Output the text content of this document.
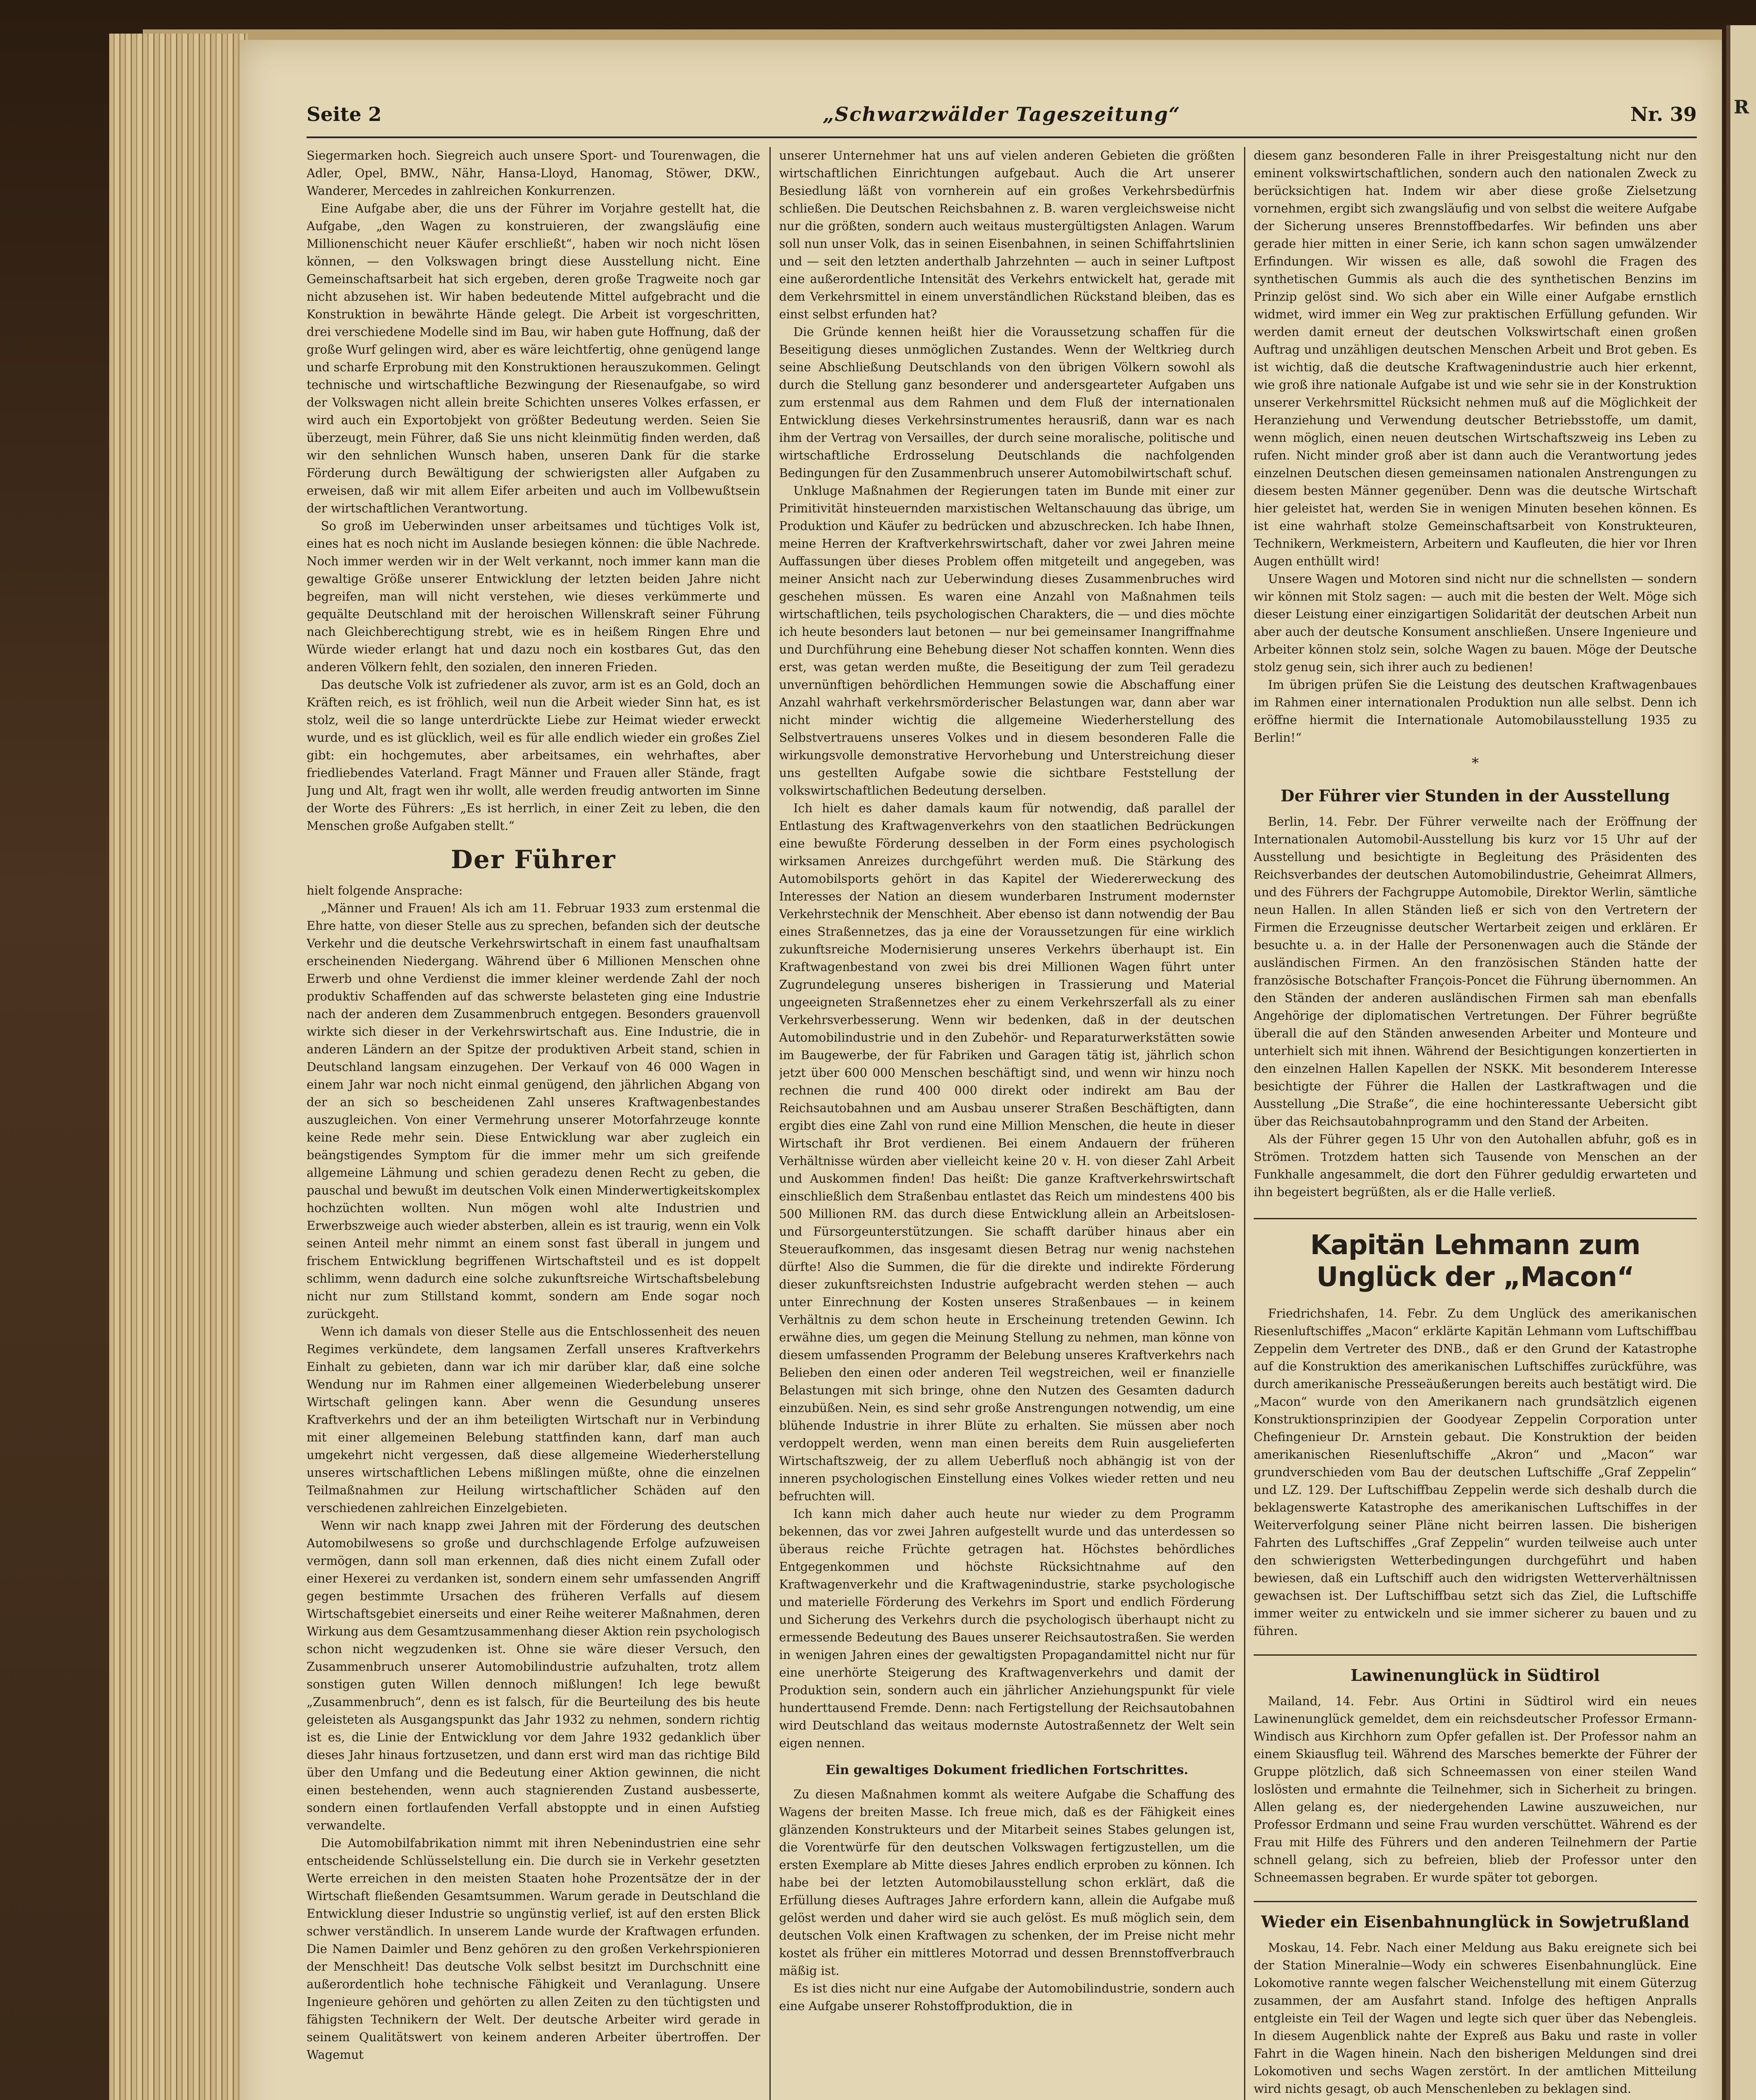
R
„Schwarzwälder Tageszeitung“
Seite 2	Nr. 39

Siegermarken hoch. Siegreich auch unsere Sport- und Tourenwagen, die Adler, Opel, BMW., Nähr, Hansa-Lloyd, Hanomag, Stöwer, DKW., Wanderer, Mercedes in zahlreichen Konkurrenzen.

Eine Aufgabe aber, die uns der Führer im Vorjahre gestellt hat, die Aufgabe, „den Wagen zu konstruieren, der zwangsläufig eine Millionenschicht neuer Käufer erschließt“, haben wir noch nicht lösen können, — den Volkswagen bringt diese Ausstellung nicht. Eine Gemeinschaftsarbeit hat sich ergeben, deren große Tragweite noch gar nicht abzusehen ist. Wir haben bedeutende Mittel aufgebracht und die Konstruktion in bewährte Hände gelegt. Die Arbeit ist vorgeschritten, drei verschiedene Modelle sind im Bau, wir haben gute Hoffnung, daß der große Wurf gelingen wird, aber es wäre leichtfertig, ohne genügend lange und scharfe Erprobung mit den Konstruktionen herauszukommen. Gelingt technische und wirtschaftliche Bezwingung der Riesenaufgabe, so wird der Volkswagen nicht allein breite Schichten unseres Volkes erfassen, er wird auch ein Exportobjekt von größter Bedeutung werden. Seien Sie überzeugt, mein Führer, daß Sie uns nicht kleinmütig finden werden, daß wir den sehnlichen Wunsch haben, unseren Dank für die starke Förderung durch Bewältigung der schwierigsten aller Aufgaben zu erweisen, daß wir mit allem Eifer arbeiten und auch im Vollbewußtsein der wirtschaftlichen Verantwortung.

So groß im Ueberwinden unser arbeitsames und tüchtiges Volk ist, eines hat es noch nicht im Auslande besiegen können: die üble Nachrede. Noch immer werden wir in der Welt verkannt, noch immer kann man die gewaltige Größe unserer Entwicklung der letzten beiden Jahre nicht begreifen, man will nicht verstehen, wie dieses verkümmerte und gequälte Deutschland mit der heroischen Willenskraft seiner Führung nach Gleichberechtigung strebt, wie es in heißem Ringen Ehre und Würde wieder erlangt hat und dazu noch ein kostbares Gut, das den anderen Völkern fehlt, den sozialen, den inneren Frieden.

Das deutsche Volk ist zufriedener als zuvor, arm ist es an Gold, doch an Kräften reich, es ist fröhlich, weil nun die Arbeit wieder Sinn hat, es ist stolz, weil die so lange unterdrückte Liebe zur Heimat wieder erweckt wurde, und es ist glücklich, weil es für alle endlich wieder ein großes Ziel gibt: ein hochgemutes, aber arbeitsames, ein wehrhaftes, aber friedliebendes Vaterland. Fragt Männer und Frauen aller Stände, fragt Jung und Alt, fragt wen ihr wollt, alle werden freudig antworten im Sinne der Worte des Führers: „Es ist herrlich, in einer Zeit zu leben, die den Menschen große Aufgaben stellt.“

Der Führer

hielt folgende Ansprache:

„Männer und Frauen! Als ich am 11. Februar 1933 zum erstenmal die Ehre hatte, von dieser Stelle aus zu sprechen, befanden sich der deutsche Verkehr und die deutsche Verkehrswirtschaft in einem fast unaufhaltsam erscheinenden Niedergang. Während über 6 Millionen Menschen ohne Erwerb und ohne Verdienst die immer kleiner werdende Zahl der noch produktiv Schaffenden auf das schwerste belasteten ging eine Industrie nach der anderen dem Zusammenbruch entgegen. Besonders grauenvoll wirkte sich dieser in der Verkehrswirtschaft aus. Eine Industrie, die in anderen Ländern an der Spitze der produktiven Arbeit stand, schien in Deutschland langsam einzugehen. Der Verkauf von 46 000 Wagen in einem Jahr war noch nicht einmal genügend, den jährlichen Abgang von der an sich so bescheidenen Zahl unseres Kraftwagenbestandes auszugleichen. Von einer Vermehrung unserer Motorfahrzeuge konnte keine Rede mehr sein. Diese Entwicklung war aber zugleich ein beängstigendes Symptom für die immer mehr um sich greifende allgemeine Lähmung und schien geradezu denen Recht zu geben, die pauschal und bewußt im deutschen Volk einen Minderwertigkeitskomplex hochzüchten wollten. Nun mögen wohl alte Industrien und Erwerbszweige auch wieder absterben, allein es ist traurig, wenn ein Volk seinen Anteil mehr nimmt an einem sonst fast überall in jungem und frischem Entwicklung begriffenen Wirtschaftsteil und es ist doppelt schlimm, wenn dadurch eine solche zukunftsreiche Wirtschaftsbelebung nicht nur zum Stillstand kommt, sondern am Ende sogar noch zurückgeht.

Wenn ich damals von dieser Stelle aus die Entschlossenheit des neuen Regimes verkündete, dem langsamen Zerfall unseres Kraftverkehrs Einhalt zu gebieten, dann war ich mir darüber klar, daß eine solche Wendung nur im Rahmen einer allgemeinen Wiederbelebung unserer Wirtschaft gelingen kann. Aber wenn die Gesundung unseres Kraftverkehrs und der an ihm beteiligten Wirtschaft nur in Verbindung mit einer allgemeinen Belebung stattfinden kann, darf man auch umgekehrt nicht vergessen, daß diese allgemeine Wiederherstellung unseres wirtschaftlichen Lebens mißlingen müßte, ohne die einzelnen Teilmaßnahmen zur Heilung wirtschaftlicher Schäden auf den verschiedenen zahlreichen Einzelgebieten.

Wenn wir nach knapp zwei Jahren mit der Förderung des deutschen Automobilwesens so große und durchschlagende Erfolge aufzuweisen vermögen, dann soll man erkennen, daß dies nicht einem Zufall oder einer Hexerei zu verdanken ist, sondern einem sehr umfassenden Angriff gegen bestimmte Ursachen des früheren Verfalls auf diesem Wirtschaftsgebiet einerseits und einer Reihe weiterer Maßnahmen, deren Wirkung aus dem Gesamtzusammenhang dieser Aktion rein psychologisch schon nicht wegzudenken ist. Ohne sie wäre dieser Versuch, den Zusammenbruch unserer Automobilindustrie aufzuhalten, trotz allem sonstigen guten Willen dennoch mißlungen! Ich lege bewußt „Zusammenbruch“, denn es ist falsch, für die Beurteilung des bis heute geleisteten als Ausgangspunkt das Jahr 1932 zu nehmen, sondern richtig ist es, die Linie der Entwicklung vor dem Jahre 1932 gedanklich über dieses Jahr hinaus fortzusetzen, und dann erst wird man das richtige Bild über den Umfang und die Bedeutung einer Aktion gewinnen, die nicht einen bestehenden, wenn auch stagnierenden Zustand ausbesserte, sondern einen fortlaufenden Verfall abstoppte und in einen Aufstieg verwandelte.

Die Automobilfabrikation nimmt mit ihren Nebenindustrien eine sehr entscheidende Schlüsselstellung ein. Die durch sie in Verkehr gesetzten Werte erreichen in den meisten Staaten hohe Prozentsätze der in der Wirtschaft fließenden Gesamtsummen. Warum gerade in Deutschland die Entwicklung dieser Industrie so ungünstig verlief, ist auf den ersten Blick schwer verständlich. In unserem Lande wurde der Kraftwagen erfunden. Die Namen Daimler und Benz gehören zu den großen Verkehrspionieren der Menschheit! Das deutsche Volk selbst besitzt im Durchschnitt eine außerordentlich hohe technische Fähigkeit und Veranlagung. Unsere Ingenieure gehören und gehörten zu allen Zeiten zu den tüchtigsten und fähigsten Technikern der Welt. Der deutsche Arbeiter wird gerade in seinem Qualitätswert von keinem anderen Arbeiter übertroffen. Der Wagemut

unserer Unternehmer hat uns auf vielen anderen Gebieten die größten wirtschaftlichen Einrichtungen aufgebaut. Auch die Art unserer Besiedlung läßt von vornherein auf ein großes Verkehrsbedürfnis schließen. Die Deutschen Reichsbahnen z. B. waren vergleichsweise nicht nur die größten, sondern auch weitaus mustergültigsten Anlagen. Warum soll nun unser Volk, das in seinen Eisenbahnen, in seinen Schiffahrtslinien und — seit den letzten anderthalb Jahrzehnten — auch in seiner Luftpost eine außerordentliche Intensität des Verkehrs entwickelt hat, gerade mit dem Verkehrsmittel in einem unverständlichen Rückstand bleiben, das es einst selbst erfunden hat?

Die Gründe kennen heißt hier die Voraussetzung schaffen für die Beseitigung dieses unmöglichen Zustandes. Wenn der Weltkrieg durch seine Abschließung Deutschlands von den übrigen Völkern sowohl als durch die Stellung ganz besonderer und andersgearteter Aufgaben uns zum erstenmal aus dem Rahmen und dem Fluß der internationalen Entwicklung dieses Verkehrsinstrumentes herausriß, dann war es nach ihm der Vertrag von Versailles, der durch seine moralische, politische und wirtschaftliche Erdrosselung Deutschlands die nachfolgenden Bedingungen für den Zusammenbruch unserer Automobilwirtschaft schuf.

Unkluge Maßnahmen der Regierungen taten im Bunde mit einer zur Primitivität hinsteuernden marxistischen Weltanschauung das übrige, um Produktion und Käufer zu bedrücken und abzuschrecken. Ich habe Ihnen, meine Herren der Kraftverkehrswirtschaft, daher vor zwei Jahren meine Auffassungen über dieses Problem offen mitgeteilt und angegeben, was meiner Ansicht nach zur Ueberwindung dieses Zusammenbruches wird geschehen müssen. Es waren eine Anzahl von Maßnahmen teils wirtschaftlichen, teils psychologischen Charakters, die — und dies möchte ich heute besonders laut betonen — nur bei gemeinsamer Inangriffnahme und Durchführung eine Behebung dieser Not schaffen konnten. Wenn dies erst, was getan werden mußte, die Beseitigung der zum Teil geradezu unvernünftigen behördlichen Hemmungen sowie die Abschaffung einer Anzahl wahrhaft verkehrsmörderischer Belastungen war, dann aber war nicht minder wichtig die allgemeine Wiederherstellung des Selbstvertrauens unseres Volkes und in diesem besonderen Falle die wirkungsvolle demonstrative Hervorhebung und Unterstreichung dieser uns gestellten Aufgabe sowie die sichtbare Feststellung der volkswirtschaftlichen Bedeutung derselben.

Ich hielt es daher damals kaum für notwendig, daß parallel der Entlastung des Kraftwagenverkehrs von den staatlichen Bedrückungen eine bewußte Förderung desselben in der Form eines psychologisch wirksamen Anreizes durchgeführt werden muß. Die Stärkung des Automobilsports gehört in das Kapitel der Wiedererweckung des Interesses der Nation an diesem wunderbaren Instrument modernster Verkehrstechnik der Menschheit. Aber ebenso ist dann notwendig der Bau eines Straßennetzes, das ja eine der Voraussetzungen für eine wirklich zukunftsreiche Modernisierung unseres Verkehrs überhaupt ist. Ein Kraftwagenbestand von zwei bis drei Millionen Wagen führt unter Zugrundelegung unseres bisherigen in Trassierung und Material ungeeigneten Straßennetzes eher zu einem Verkehrszerfall als zu einer Verkehrsverbesserung. Wenn wir bedenken, daß in der deutschen Automobilindustrie und in den Zubehör- und Reparaturwerkstätten sowie im Baugewerbe, der für Fabriken und Garagen tätig ist, jährlich schon jetzt über 600 000 Menschen beschäftigt sind, und wenn wir hinzu noch rechnen die rund 400 000 direkt oder indirekt am Bau der Reichsautobahnen und am Ausbau unserer Straßen Beschäftigten, dann ergibt dies eine Zahl von rund eine Million Menschen, die heute in dieser Wirtschaft ihr Brot verdienen. Bei einem Andauern der früheren Verhältnisse würden aber vielleicht keine 20 v. H. von dieser Zahl Arbeit und Auskommen finden! Das heißt: Die ganze Kraftverkehrswirtschaft einschließlich dem Straßenbau entlastet das Reich um mindestens 400 bis 500 Millionen RM. das durch diese Entwicklung allein an Arbeitslosen- und Fürsorgeunterstützungen. Sie schafft darüber hinaus aber ein Steueraufkommen, das insgesamt diesen Betrag nur wenig nachstehen dürfte! Also die Summen, die für die direkte und indirekte Förderung dieser zukunftsreichsten Industrie aufgebracht werden stehen — auch unter Einrechnung der Kosten unseres Straßenbaues — in keinem Verhältnis zu dem schon heute in Erscheinung tretenden Gewinn. Ich erwähne dies, um gegen die Meinung Stellung zu nehmen, man könne von diesem umfassenden Programm der Belebung unseres Kraftverkehrs nach Belieben den einen oder anderen Teil wegstreichen, weil er finanzielle Belastungen mit sich bringe, ohne den Nutzen des Gesamten dadurch einzubüßen. Nein, es sind sehr große Anstrengungen notwendig, um eine blühende Industrie in ihrer Blüte zu erhalten. Sie müssen aber noch verdoppelt werden, wenn man einen bereits dem Ruin ausgelieferten Wirtschaftszweig, der zu allem Ueberfluß noch abhängig ist von der inneren psychologischen Einstellung eines Volkes wieder retten und neu befruchten will.

Ich kann mich daher auch heute nur wieder zu dem Programm bekennen, das vor zwei Jahren aufgestellt wurde und das unterdessen so überaus reiche Früchte getragen hat. Höchstes behördliches Entgegenkommen und höchste Rücksichtnahme auf den Kraftwagenverkehr und die Kraftwagenindustrie, starke psychologische und materielle Förderung des Verkehrs im Sport und endlich Förderung und Sicherung des Verkehrs durch die psychologisch überhaupt nicht zu ermessende Bedeutung des Baues unserer Reichsautostraßen. Sie werden in wenigen Jahren eines der gewaltigsten Propagandamittel nicht nur für eine unerhörte Steigerung des Kraftwagenverkehrs und damit der Produktion sein, sondern auch ein jährlicher Anziehungspunkt für viele hunderttausend Fremde. Denn: nach Fertigstellung der Reichsautobahnen wird Deutschland das weitaus modernste Autostraßennetz der Welt sein eigen nennen.

Ein gewaltiges Dokument friedlichen Fortschrittes.

Zu diesen Maßnahmen kommt als weitere Aufgabe die Schaffung des Wagens der breiten Masse. Ich freue mich, daß es der Fähigkeit eines glänzenden Konstrukteurs und der Mitarbeit seines Stabes gelungen ist, die Vorentwürfe für den deutschen Volkswagen fertigzustellen, um die ersten Exemplare ab Mitte dieses Jahres endlich erproben zu können. Ich habe bei der letzten Automobilausstellung schon erklärt, daß die Erfüllung dieses Auftrages Jahre erfordern kann, allein die Aufgabe muß gelöst werden und daher wird sie auch gelöst. Es muß möglich sein, dem deutschen Volk einen Kraftwagen zu schenken, der im Preise nicht mehr kostet als früher ein mittleres Motorrad und dessen Brennstoffverbrauch mäßig ist.

Es ist dies nicht nur eine Aufgabe der Automobilindustrie, sondern auch eine Aufgabe unserer Rohstoffproduktion, die in

diesem ganz besonderen Falle in ihrer Preisgestaltung nicht nur den eminent volkswirtschaftlichen, sondern auch den nationalen Zweck zu berücksichtigen hat. Indem wir aber diese große Zielsetzung vornehmen, ergibt sich zwangsläufig und von selbst die weitere Aufgabe der Sicherung unseres Brennstoffbedarfes. Wir befinden uns aber gerade hier mitten in einer Serie, ich kann schon sagen umwälzender Erfindungen. Wir wissen es alle, daß sowohl die Fragen des synthetischen Gummis als auch die des synthetischen Benzins im Prinzip gelöst sind. Wo sich aber ein Wille einer Aufgabe ernstlich widmet, wird immer ein Weg zur praktischen Erfüllung gefunden. Wir werden damit erneut der deutschen Volkswirtschaft einen großen Auftrag und unzähligen deutschen Menschen Arbeit und Brot geben. Es ist wichtig, daß die deutsche Kraftwagenindustrie auch hier erkennt, wie groß ihre nationale Aufgabe ist und wie sehr sie in der Konstruktion unserer Verkehrsmittel Rücksicht nehmen muß auf die Möglichkeit der Heranziehung und Verwendung deutscher Betriebsstoffe, um damit, wenn möglich, einen neuen deutschen Wirtschaftszweig ins Leben zu rufen. Nicht minder groß aber ist dann auch die Verantwortung jedes einzelnen Deutschen diesen gemeinsamen nationalen Anstrengungen zu diesem besten Männer gegenüber. Denn was die deutsche Wirtschaft hier geleistet hat, werden Sie in wenigen Minuten besehen können. Es ist eine wahrhaft stolze Gemeinschaftsarbeit von Konstrukteuren, Technikern, Werkmeistern, Arbeitern und Kaufleuten, die hier vor Ihren Augen enthüllt wird!

Unsere Wagen und Motoren sind nicht nur die schnellsten — sondern wir können mit Stolz sagen: — auch mit die besten der Welt. Möge sich dieser Leistung einer einzigartigen Solidarität der deutschen Arbeit nun aber auch der deutsche Konsument anschließen. Unsere Ingenieure und Arbeiter können stolz sein, solche Wagen zu bauen. Möge der Deutsche stolz genug sein, sich ihrer auch zu bedienen!

Im übrigen prüfen Sie die Leistung des deutschen Kraftwagenbaues im Rahmen einer internationalen Produktion nun alle selbst. Denn ich eröffne hiermit die Internationale Automobilausstellung 1935 zu Berlin!“

*
Der Führer vier Stunden in der Ausstellung

Berlin, 14. Febr. Der Führer verweilte nach der Eröffnung der Internationalen Automobil-Ausstellung bis kurz vor 15 Uhr auf der Ausstellung und besichtigte in Begleitung des Präsidenten des Reichsverbandes der deutschen Automobilindustrie, Geheimrat Allmers, und des Führers der Fachgruppe Automobile, Direktor Werlin, sämtliche neun Hallen. In allen Ständen ließ er sich von den Vertretern der Firmen die Erzeugnisse deutscher Wertarbeit zeigen und erklären. Er besuchte u. a. in der Halle der Personenwagen auch die Stände der ausländischen Firmen. An den französischen Ständen hatte der französische Botschafter François-Poncet die Führung übernommen. An den Ständen der anderen ausländischen Firmen sah man ebenfalls Angehörige der diplomatischen Vertretungen. Der Führer begrüßte überall die auf den Ständen anwesenden Arbeiter und Monteure und unterhielt sich mit ihnen. Während der Besichtigungen konzertierten in den einzelnen Hallen Kapellen der NSKK. Mit besonderem Interesse besichtigte der Führer die Hallen der Lastkraftwagen und die Ausstellung „Die Straße“, die eine hochinteressante Uebersicht gibt über das Reichsautobahnprogramm und den Stand der Arbeiten.

Als der Führer gegen 15 Uhr von den Autohallen abfuhr, goß es in Strömen. Trotzdem hatten sich Tausende von Menschen an der Funkhalle angesammelt, die dort den Führer geduldig erwarteten und ihn begeistert begrüßten, als er die Halle verließ.

Kapitän Lehmann zum Unglück der „Macon“

Friedrichshafen, 14. Febr. Zu dem Unglück des amerikanischen Riesenluftschiffes „Macon“ erklärte Kapitän Lehmann vom Luftschiffbau Zeppelin dem Vertreter des DNB., daß er den Grund der Katastrophe auf die Konstruktion des amerikanischen Luftschiffes zurückführe, was durch amerikanische Presseäußerungen bereits auch bestätigt wird. Die „Macon“ wurde von den Amerikanern nach grundsätzlich eigenen Konstruktionsprinzipien der Goodyear Zeppelin Corporation unter Chefingenieur Dr. Arnstein gebaut. Die Konstruktion der beiden amerikanischen Riesenluftschiffe „Akron“ und „Macon“ war grundverschieden vom Bau der deutschen Luftschiffe „Graf Zeppelin“ und LZ. 129. Der Luftschiffbau Zeppelin werde sich deshalb durch die beklagenswerte Katastrophe des amerikanischen Luftschiffes in der Weiterverfolgung seiner Pläne nicht beirren lassen. Die bisherigen Fahrten des Luftschiffes „Graf Zeppelin“ wurden teilweise auch unter den schwierigsten Wetterbedingungen durchgeführt und haben bewiesen, daß ein Luftschiff auch den widrigsten Wetterverhältnissen gewachsen ist. Der Luftschiffbau setzt sich das Ziel, die Luftschiffe immer weiter zu entwickeln und sie immer sicherer zu bauen und zu führen.

Lawinenunglück in Südtirol

Mailand, 14. Febr. Aus Ortini in Südtirol wird ein neues Lawinenunglück gemeldet, dem ein reichsdeutscher Professor Ermann-Windisch aus Kirchhorn zum Opfer gefallen ist. Der Professor nahm an einem Skiausflug teil. Während des Marsches bemerkte der Führer der Gruppe plötzlich, daß sich Schneemassen von einer steilen Wand loslösten und ermahnte die Teilnehmer, sich in Sicherheit zu bringen. Allen gelang es, der niedergehenden Lawine auszuweichen, nur Professor Erdmann und seine Frau wurden verschüttet. Während es der Frau mit Hilfe des Führers und den anderen Teilnehmern der Partie schnell gelang, sich zu befreien, blieb der Professor unter den Schneemassen begraben. Er wurde später tot geborgen.

Wieder ein Eisenbahnunglück in Sowjetrußland

Moskau, 14. Febr. Nach einer Meldung aus Baku ereignete sich bei der Station Mineralnie—Wody ein schweres Eisenbahnunglück. Eine Lokomotive rannte wegen falscher Weichenstellung mit einem Güterzug zusammen, der am Ausfahrt stand. Infolge des heftigen Anpralls entgleiste ein Teil der Wagen und legte sich quer über das Nebengleis. In diesem Augenblick nahte der Expreß aus Baku und raste in voller Fahrt in die Wagen hinein. Nach den bisherigen Meldungen sind drei Lokomotiven und sechs Wagen zerstört. In der amtlichen Mitteilung wird nichts gesagt, ob auch Menschenleben zu beklagen sind.
